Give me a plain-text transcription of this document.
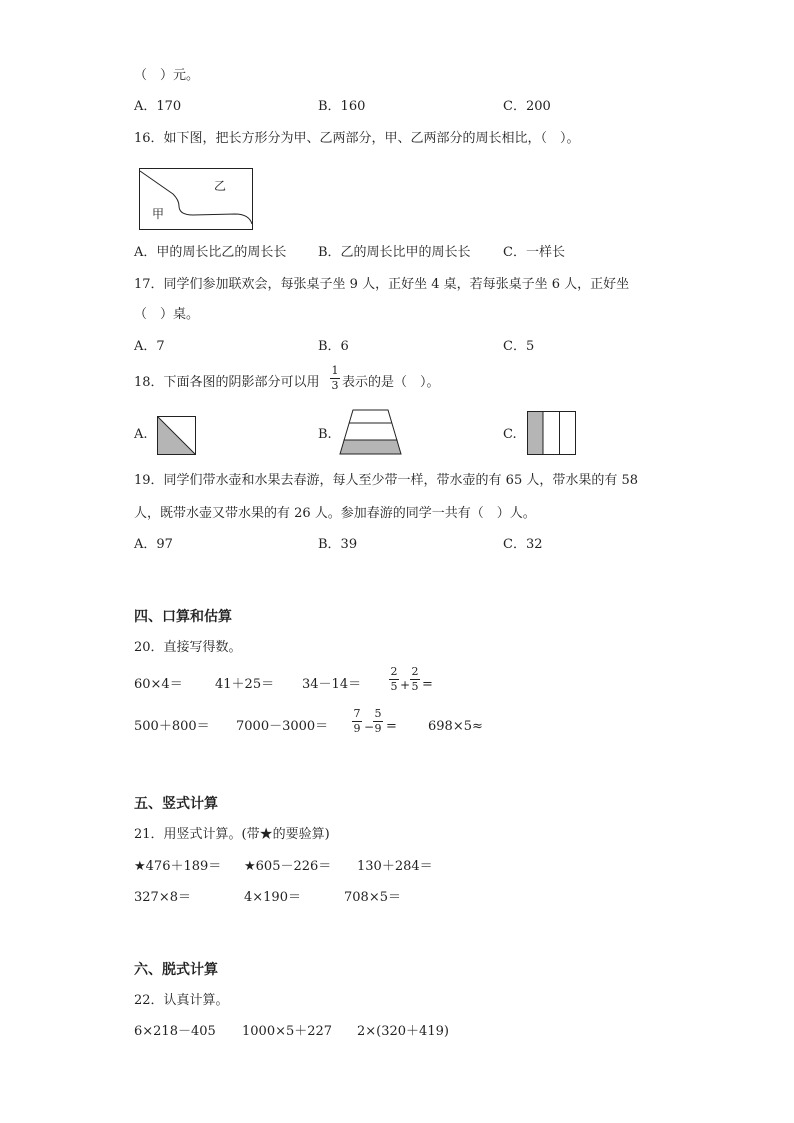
（　）元。
A．170	B．160	C．200
16．如下图，把长方形分为甲、乙两部分，甲、乙两部分的周长相比，（　）。
甲
乙
A．甲的周长比乙的周长长 B．乙的周长比甲的周长长 C．一样长
17．同学们参加联欢会，每张桌子坐 9 人，正好坐 4 桌，若每张桌子坐 6 人，正好坐
（　）桌。
A．7	B．6	C．5
18．下面各图的阴影部分可以用
1
3 表示的是（　）。
A.	B.	C.
19．同学们带水壶和水果去春游，每人至少带一样，带水壶的有 65 人，带水果的有 58
人，既带水壶又带水果的有 26 人。参加春游的同学一共有（　）人。
A．97	B．39	C．32
四、口算和估算
20．直接写得数。
60×4＝ 41＋25＝ 34－14＝
2
5 +
2
5 =
500＋800＝ 7000－3000＝
7
9 −
5
9 = 698×5≈
五、竖式计算
21．用竖式计算。(带★的要验算)
★476＋189＝ ★605－226＝ 130＋284＝
327×8＝	4×190＝	708×5＝
六、脱式计算
22．认真计算。
6×218－405 1000×5＋227 2×(320＋419)
